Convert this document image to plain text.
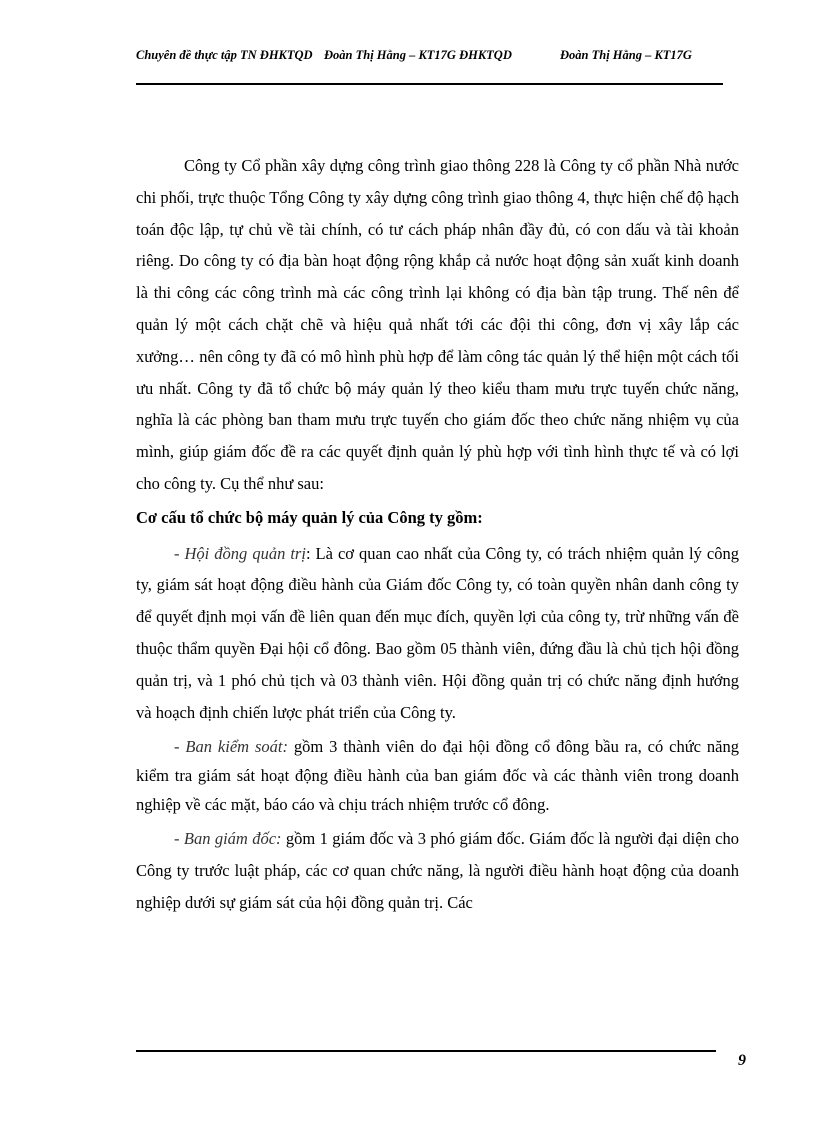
Chuyên đề thực tập TN ĐHKTQD Đoàn Thị Hằng – KT17G ĐHKTQD	Đoàn Thị Hằng – KT17G

Công ty Cổ phần xây dựng công trình giao thông 228 là Công ty cổ phần Nhà nước chi phối, trực thuộc Tổng Công ty xây dựng công trình giao thông 4, thực hiện chế độ hạch toán độc lập, tự chủ về tài chính, có tư cách pháp nhân đầy đủ, có con dấu và tài khoản riêng. Do công ty có địa bàn hoạt động rộng khắp cả nước hoạt động sản xuất kinh doanh là thi công các công trình mà các công trình lại không có địa bàn tập trung. Thế nên để quản lý một cách chặt chẽ và hiệu quả nhất tới các đội thi công, đơn vị xây lắp các xưởng… nên công ty đã có mô hình phù hợp để làm công tác quản lý thể hiện một cách tối ưu nhất. Công ty đã tổ chức bộ máy quản lý theo kiểu tham mưu trực tuyến chức năng, nghĩa là các phòng ban tham mưu trực tuyến cho giám đốc theo chức năng nhiệm vụ của mình, giúp giám đốc đề ra các quyết định quản lý phù hợp với tình hình thực tế và có lợi cho công ty. Cụ thể như sau:

Cơ cấu tổ chức bộ máy quản lý của Công ty gồm:

- Hội đồng quản trị: Là cơ quan cao nhất của Công ty, có trách nhiệm quản lý công ty, giám sát hoạt động điều hành của Giám đốc Công ty, có toàn quyền nhân danh công ty để quyết định mọi vấn đề liên quan đến mục đích, quyền lợi của công ty, trừ những vấn đề thuộc thẩm quyền Đại hội cổ đông. Bao gồm 05 thành viên, đứng đầu là chủ tịch hội đồng quản trị, và 1 phó chủ tịch và 03 thành viên. Hội đồng quản trị có chức năng định hướng và hoạch định chiến lược phát triển của Công ty.

- Ban kiểm soát: gồm 3 thành viên do đại hội đồng cổ đông bầu ra, có chức năng kiểm tra giám sát hoạt động điều hành của ban giám đốc và các thành viên trong doanh nghiệp về các mặt, báo cáo và chịu trách nhiệm trước cổ đông.

- Ban giám đốc: gồm 1 giám đốc và 3 phó giám đốc. Giám đốc là người đại diện cho Công ty trước luật pháp, các cơ quan chức năng, là người điều hành hoạt động của doanh nghiệp dưới sự giám sát của hội đồng quản trị. Các

9
